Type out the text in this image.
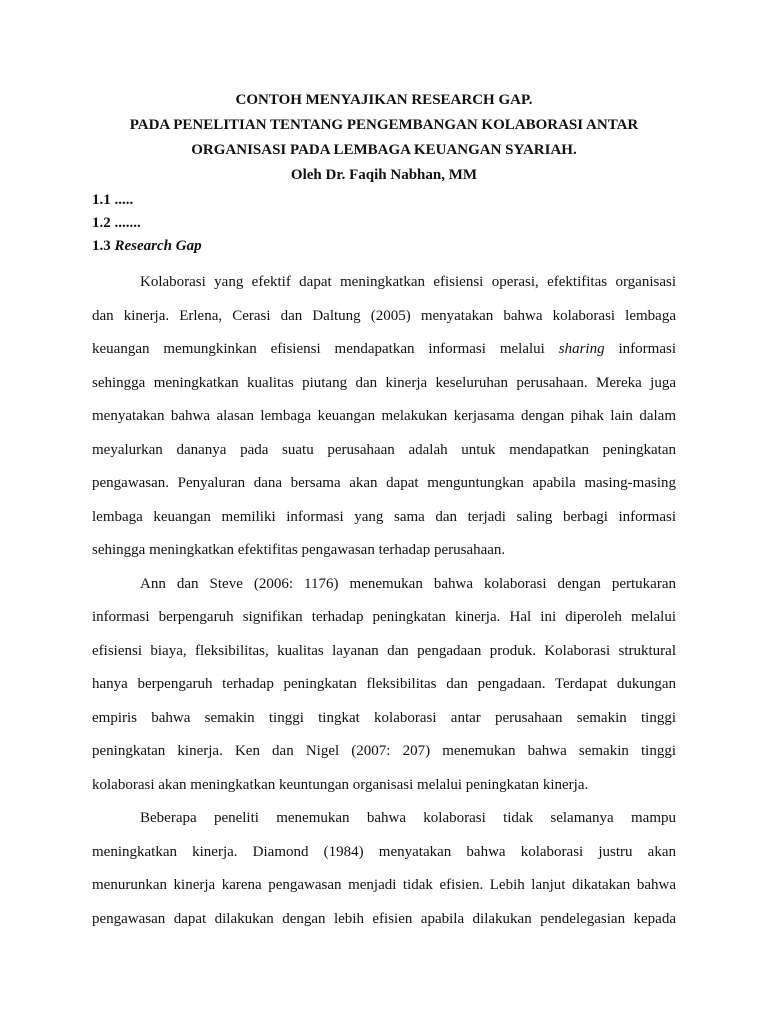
CONTOH MENYAJIKAN RESEARCH GAP.
PADA PENELITIAN TENTANG PENGEMBANGAN KOLABORASI ANTAR
ORGANISASI PADA LEMBAGA KEUANGAN SYARIAH.
Oleh Dr. Faqih Nabhan, MM
1.1 .....
1.2 .......
1.3 Research Gap
Kolaborasi yang efektif dapat meningkatkan efisiensi operasi, efektifitas organisasi
dan kinerja. Erlena, Cerasi dan Daltung (2005) menyatakan bahwa kolaborasi lembaga
keuangan memungkinkan efisiensi mendapatkan informasi melalui sharing informasi
sehingga meningkatkan kualitas piutang dan kinerja keseluruhan perusahaan. Mereka juga
menyatakan bahwa alasan lembaga keuangan melakukan kerjasama dengan pihak lain dalam
meyalurkan dananya pada suatu perusahaan adalah untuk mendapatkan peningkatan
pengawasan. Penyaluran dana bersama akan dapat menguntungkan apabila masing-masing
lembaga keuangan memiliki informasi yang sama dan terjadi saling berbagi informasi
sehingga meningkatkan efektifitas pengawasan terhadap perusahaan.
Ann dan Steve (2006: 1176) menemukan bahwa kolaborasi dengan pertukaran
informasi berpengaruh signifikan terhadap peningkatan kinerja. Hal ini diperoleh melalui
efisiensi biaya, fleksibilitas, kualitas layanan dan pengadaan produk. Kolaborasi struktural
hanya berpengaruh terhadap peningkatan fleksibilitas dan pengadaan. Terdapat dukungan
empiris bahwa semakin tinggi tingkat kolaborasi antar perusahaan semakin tinggi
peningkatan kinerja. Ken dan Nigel (2007: 207) menemukan bahwa semakin tinggi
kolaborasi akan meningkatkan keuntungan organisasi melalui peningkatan kinerja.
Beberapa peneliti menemukan bahwa kolaborasi tidak selamanya mampu
meningkatkan kinerja. Diamond (1984) menyatakan bahwa kolaborasi justru akan
menurunkan kinerja karena pengawasan menjadi tidak efisien. Lebih lanjut dikatakan bahwa
pengawasan dapat dilakukan dengan lebih efisien apabila dilakukan pendelegasian kepada
